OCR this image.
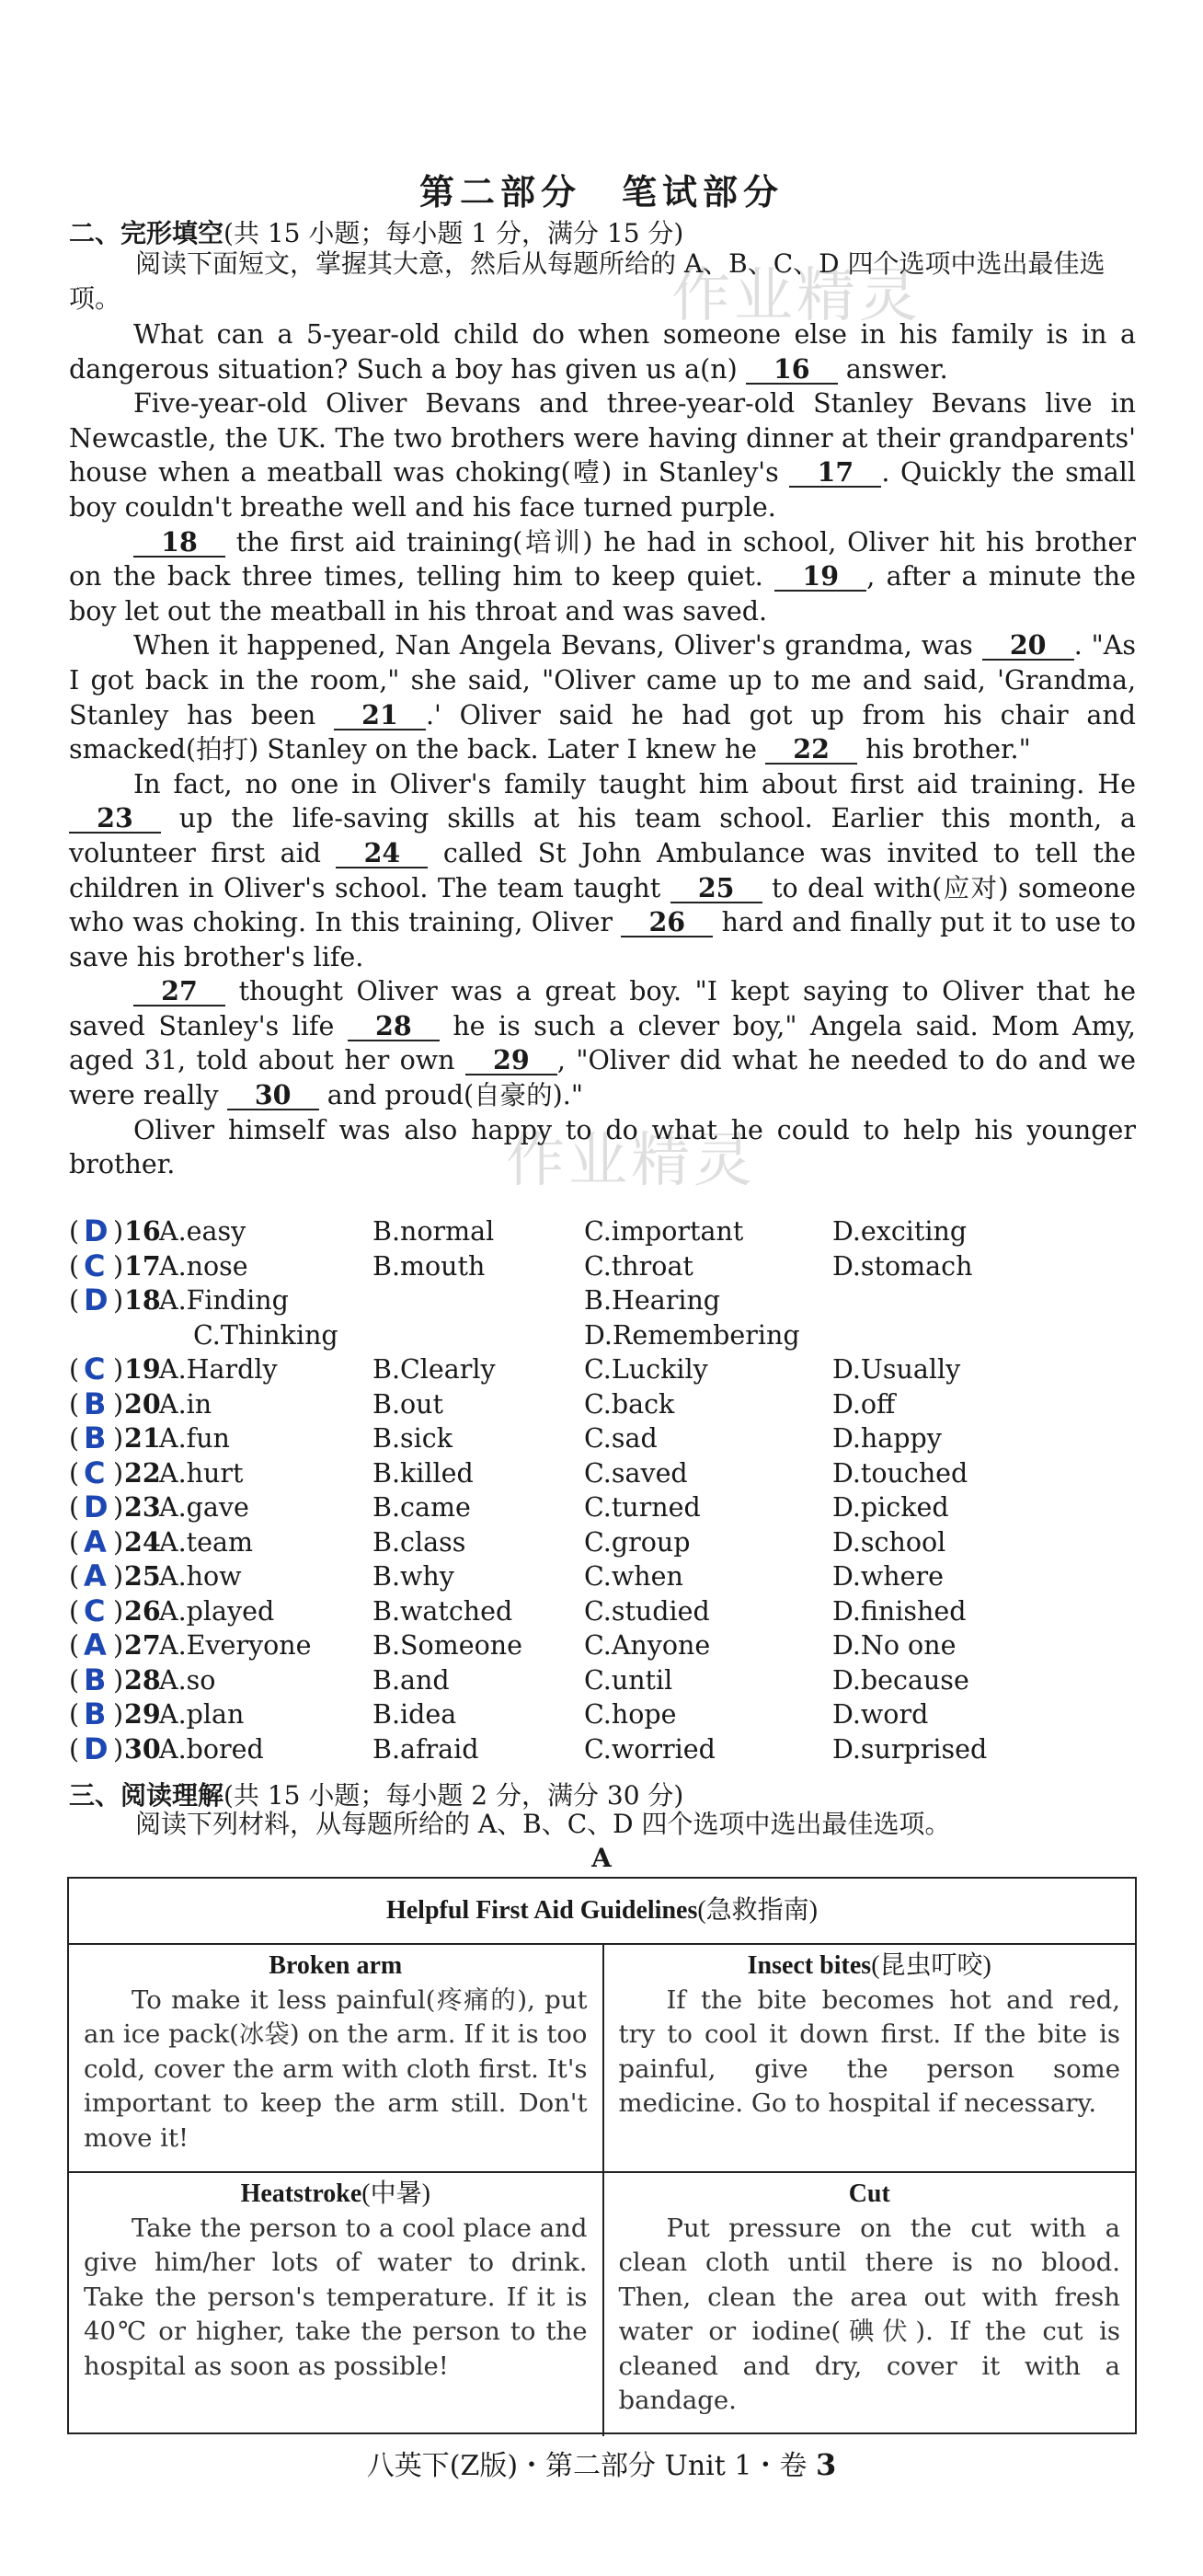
作业精灵
作业精灵
第二部分　笔试部分
二、完形填空(共 15 小题；每小题 1 分，满分 15 分)
阅读下面短文，掌握其大意，然后从每题所给的 A、B、C、D 四个选项中选出最佳选项。

What can a 5-year-old child do when someone else in his family is in a dangerous situation? Such a boy has given us a(n) 16 answer.

Five-year-old Oliver Bevans and three-year-old Stanley Bevans live in Newcastle, the UK. The two brothers were having dinner at their grandparents' house when a meatball was choking(噎) in Stanley's 17 . Quickly the small boy couldn't breathe well and his face turned purple.

18 the first aid training(培训) he had in school, Oliver hit his brother on the back three times, telling him to keep quiet. 19 , after a minute the boy let out the meatball in his throat and was saved.

When it happened, Nan Angela Bevans, Oliver's grandma, was 20 . "As I got back in the room," she said, "Oliver came up to me and said, 'Grandma, Stanley has been 21 .' Oliver said he had got up from his chair and smacked(拍打) Stanley on the back. Later I knew he 22 his brother."

In fact, no one in Oliver's family taught him about first aid training. He 23 up the life-saving skills at his team school. Earlier this month, a volunteer first aid 24 called St John Ambulance was invited to tell the children in Oliver's school. The team taught 25 to deal with(应对) someone who was choking. In this training, Oliver 26 hard and finally put it to use to save his brother's life.

27 thought Oliver was a great boy. "I kept saying to Oliver that he saved Stanley's life 28 he is such a clever boy," Angela said. Mom Amy, aged 31, told about her own 29 , "Oliver did what he needed to do and we were really 30 and proud(自豪的)."

Oliver himself was also happy to do what he could to help his younger brother.

( D ) 16
A.easy	B.normal	C.important	D.exciting
( C ) 17
A.nose	B.mouth	C.throat	D.stomach
( D ) 18
A.Finding	B.Hearing
C.Thinking	D.Remembering
( C ) 19
A.Hardly	B.Clearly	C.Luckily	D.Usually
( B ) 20
A.in	B.out	C.back	D.off
( B ) 21
A.fun	B.sick	C.sad	D.happy
( C ) 22
A.hurt	B.killed	C.saved	D.touched
( D ) 23
A.gave	B.came	C.turned	D.picked
( A ) 24
A.team	B.class	C.group	D.school
( A ) 25
A.how	B.why	C.when	D.where
( C ) 26
A.played	B.watched	C.studied	D.finished
( A ) 27
A.Everyone B.Someone C.Anyone	D.No one
( B ) 28
A.so	B.and	C.until	D.because
( B ) 29
A.plan	B.idea	C.hope	D.word
( D ) 30
A.bored	B.afraid	C.worried	D.surprised
三、阅读理解(共 15 小题；每小题 2 分，满分 30 分)
阅读下列材料，从每题所给的 A、B、C、D 四个选项中选出最佳选项。
A
Helpful First Aid Guidelines(急救指南)
Broken arm
To make it less painful(疼痛的), put an ice pack(冰袋) on the arm. If it is too cold, cover the arm with cloth first. It's important to keep the arm still. Don't move it!
Insect bites(昆虫叮咬)
If the bite becomes hot and red, try to cool it down first. If the bite is painful, give the person some medicine. Go to hospital if necessary.
Heatstroke(中暑)
Take the person to a cool place and give him/her lots of water to drink. Take the person's temperature. If it is 40℃ or higher, take the person to the hospital as soon as possible!
Cut
Put pressure on the cut with a clean cloth until there is no blood. Then, clean the area out with fresh water or iodine(碘伏). If the cut is cleaned and dry, cover it with a bandage.
八英下(Z版)・第二部分 Unit 1・卷 3
